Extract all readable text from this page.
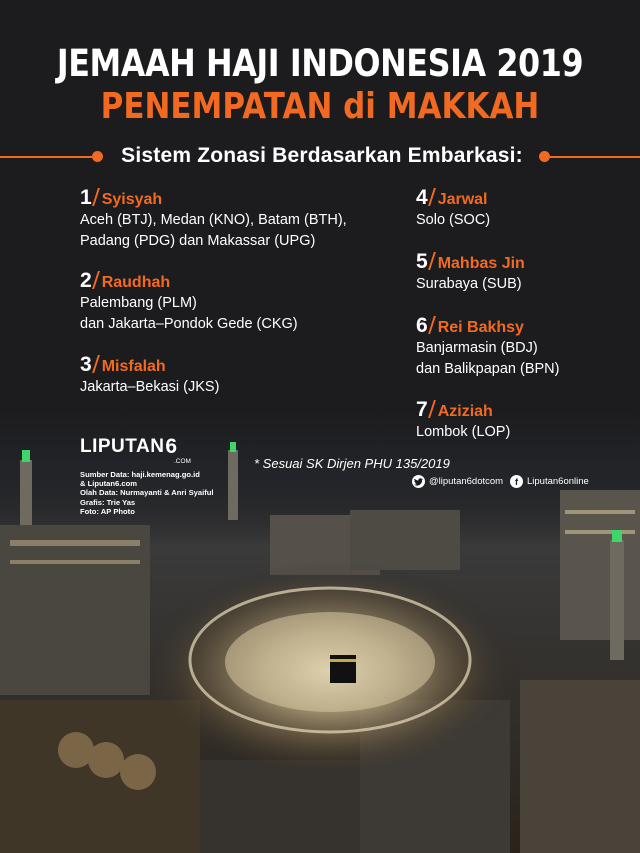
JEMAAH HAJI INDONESIA 2019
PENEMPATAN di MAKKAH
Sistem Zonasi Berdasarkan Embarkasi:
1 Syisyah
Aceh (BTJ), Medan (KNO), Batam (BTH),
Padang (PDG) dan Makassar (UPG)
2 Raudhah
Palembang (PLM)
dan Jakarta–Pondok Gede (CKG)
3 Misfalah
Jakarta–Bekasi (JKS)
4 Jarwal
Solo (SOC)
5 Mahbas Jin
Surabaya (SUB)
6 Rei Bakhsy
Banjarmasin (BDJ)
dan Balikpapan (BPN)
7 Aziziah
Lombok (LOP)
LIPUTAN 6
.COM	* Sesuai SK Dirjen PHU 135/2019
Sumber Data: haji.kemenag.go.id
& Liputan6.com
Olah Data: Nurmayanti & Anri Syaiful
Grafis: Trie Yas
Foto: AP Photo
@liputan6dotcom	f Liputan6online
